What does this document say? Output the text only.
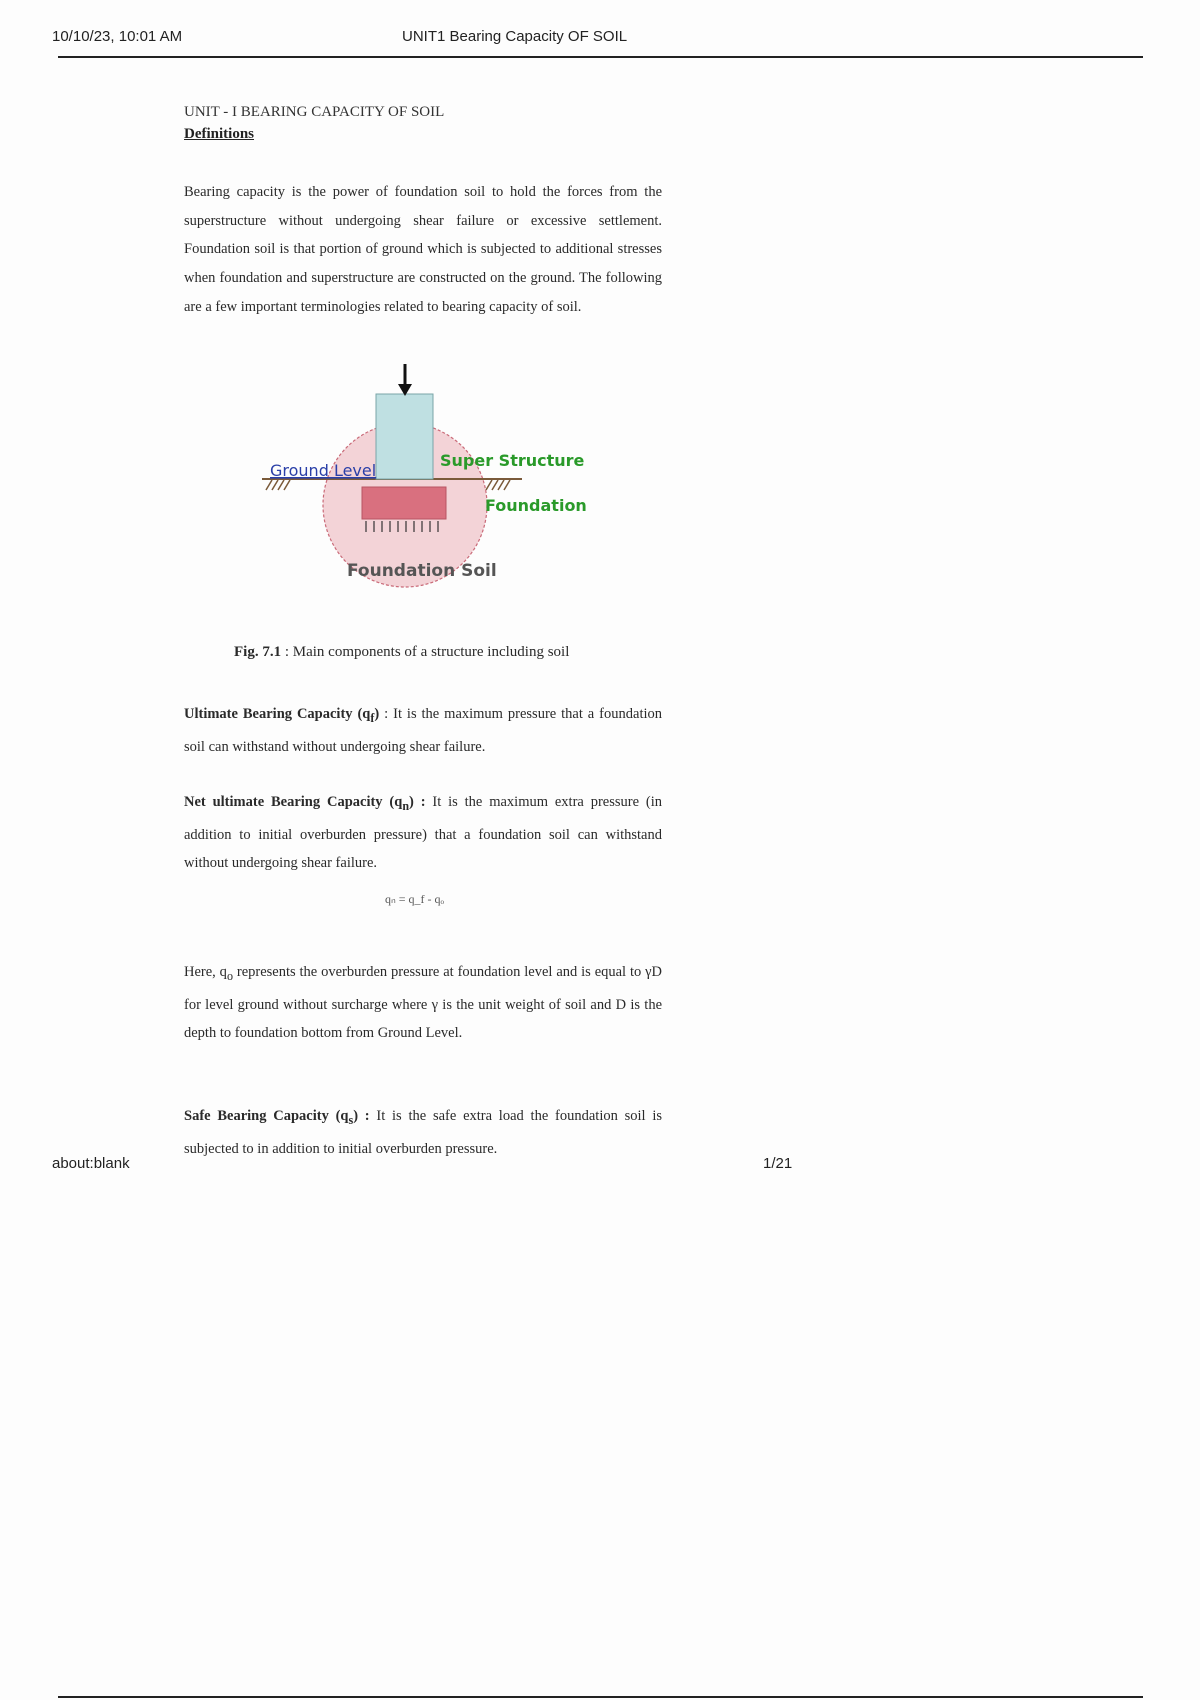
10/10/23, 10:01 AM	UNIT1 Bearing Capacity OF SOIL
UNIT - I BEARING CAPACITY OF SOIL
Definitions

Bearing capacity is the power of foundation soil to hold the forces from the superstructure without undergoing shear failure or excessive settlement. Foundation soil is that portion of ground which is subjected to additional stresses when foundation and superstructure are constructed on the ground. The following are a few important terminologies related to bearing capacity of soil.

Ground Level
Super Structure
Foundation
Foundation Soil
Fig. 7.1 : Main components of a structure including soil

Ultimate Bearing Capacity $(q_f)$ : It is the maximum pressure that a foundation soil can withstand without undergoing shear failure.

Net ultimate Bearing Capacity $(q_n)$ : It is the maximum extra pressure (in addition to initial overburden pressure) that a foundation soil can withstand without undergoing shear failure.

qₙ = q_f - qₒ

Here, $q_o$ represents the overburden pressure at foundation level and is equal to γD for level ground without surcharge where γ is the unit weight of soil and D is the depth to foundation bottom from Ground Level.

Safe Bearing Capacity $(q_s)$ : It is the safe extra load the foundation soil is subjected to in addition to initial overburden pressure.

about:blank	1/21
